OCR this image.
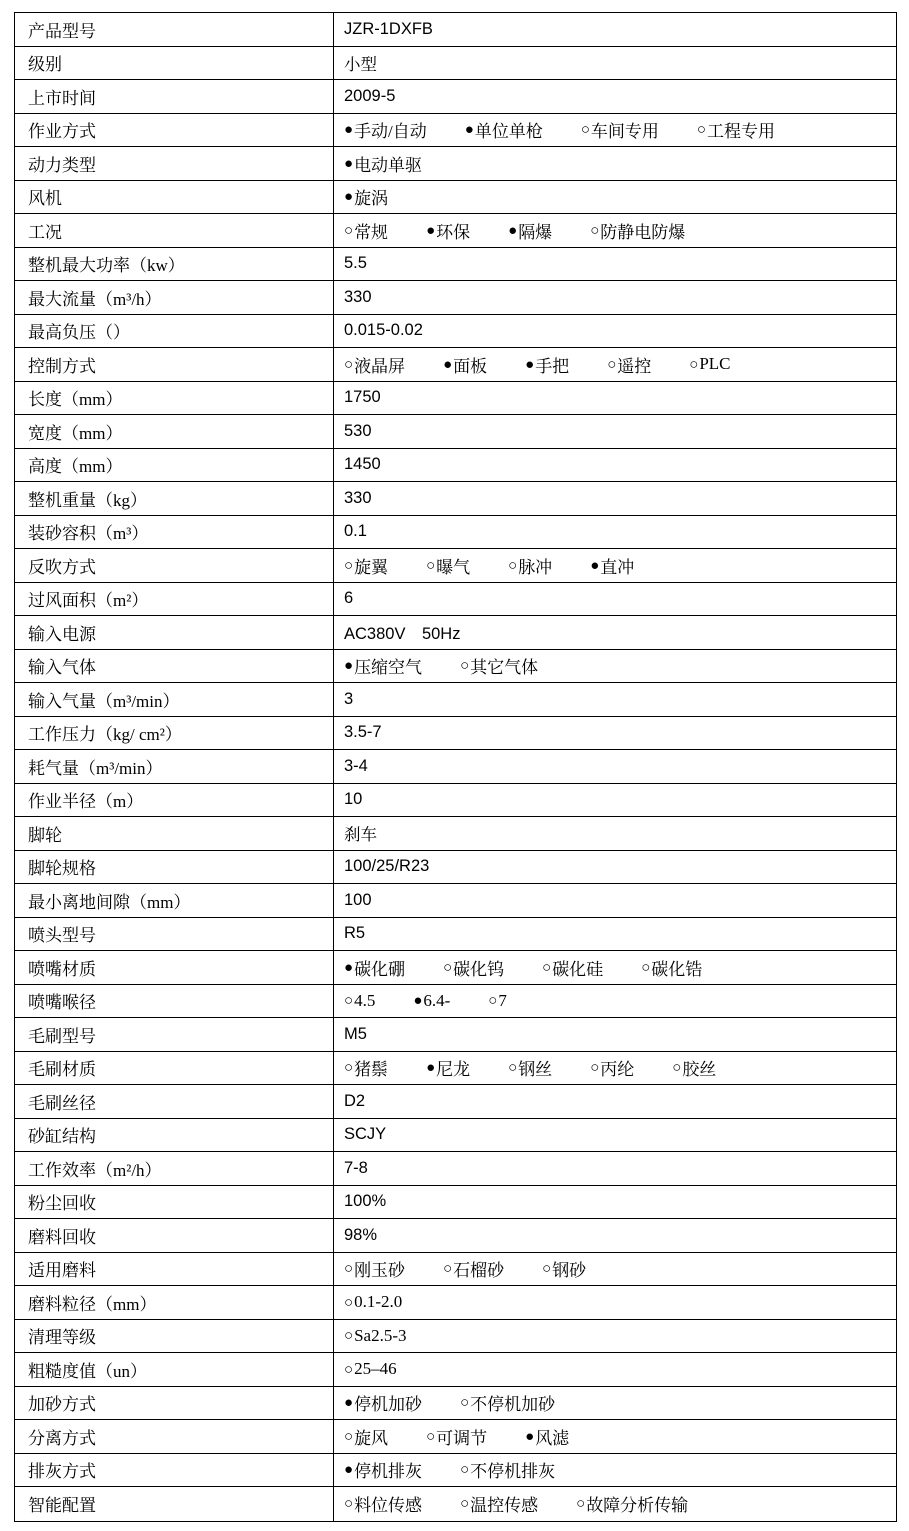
产品型号	JZR-1DXFB
级别	小型
上市时间	2009-5
作业方式	● 手动/自动	● 单位单枪	○ 车间专用	○ 工程专用
动力类型	● 电动单驱
风机	● 旋涡
工况	○ 常规	● 环保	● 隔爆	○ 防静电防爆
整机最大功率（kw）	5.5
最大流量（m³/h）	330
最高负压（）	0.015-0.02
控制方式	○ 液晶屏	● 面板	● 手把	○ 遥控	○ PLC
长度（mm）	1750
宽度（mm）	530
高度（mm）	1450
整机重量（kg）	330
装砂容积（m³）	0.1
反吹方式	○ 旋翼	○ 曝气	○ 脉冲	● 直冲
过风面积（m²）	6
输入电源	AC380V　50Hz
输入气体	● 压缩空气	○ 其它气体
输入气量（m³/min）	3
工作压力（kg/ cm²）	3.5-7
耗气量（m³/min）	3-4
作业半径（m）	10
脚轮	刹车
脚轮规格	100/25/R23
最小离地间隙（mm）	100
喷头型号	R5
喷嘴材质	● 碳化硼	○ 碳化钨	○ 碳化硅	○ 碳化锆
喷嘴喉径	○ 4.5	● 6.4-	○ 7
毛刷型号	M5
毛刷材质	○ 猪鬃	● 尼龙	○ 钢丝	○ 丙纶	○ 胶丝
毛刷丝径	D2
砂缸结构	SCJY
工作效率（m²/h）	7-8
粉尘回收	100%
磨料回收	98%
适用磨料	○ 刚玉砂	○ 石榴砂	○ 钢砂
磨料粒径（mm）	○ 0.1-2.0
清理等级	○ Sa2.5-3
粗糙度值（un）	○ 25–46
加砂方式	● 停机加砂	○ 不停机加砂
分离方式	○ 旋风	○ 可调节	● 风滤
排灰方式	● 停机排灰	○ 不停机排灰
智能配置	○ 料位传感	○ 温控传感	○ 故障分析传输
